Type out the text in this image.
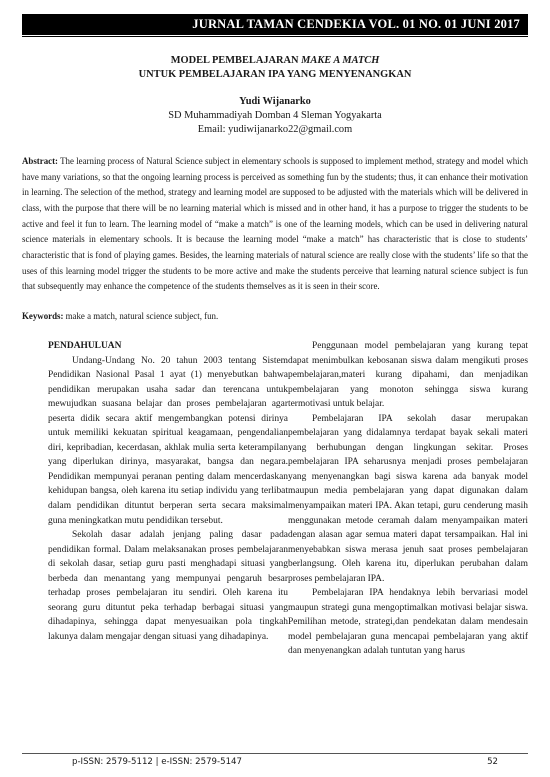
JURNAL TAMAN CENDEKIA VOL. 01 NO. 01 JUNI 2017
MODEL PEMBELAJARAN MAKE A MATCH
UNTUK PEMBELAJARAN IPA YANG MENYENANGKAN
Yudi Wijanarko
SD Muhammadiyah Domban 4 Sleman Yogyakarta
Email: yudiwijanarko22@gmail.com
Abstract: The learning process of Natural Science subject in elementary schools is supposed to implement method, strategy and model which have many variations, so that the ongoing learning process is perceived as something fun by the students; thus, it can enhance their motivation in learning. The selection of the method, strategy and learning model are supposed to be adjusted with the materials which will be delivered in class, with the purpose that there will be no learning material which is missed and in other hand, it has a purpose to trigger the students to be active and feel it fun to learn. The learning model of “make a match” is one of the learning models, which can be used in delivering natural science materials in elementary schools. It is because the learning model “make a match” has characteristic that is close to students’ characteristic that is fond of playing games. Besides, the learning materials of natural science are really close with the students’ life so that the uses of this learning model trigger the students to be more active and make the students perceive that learning natural science subject is fun that subsequently may enhance the competence of the students themselves as it is seen in their score.
Keywords: make a match, natural science subject, fun.

PENDAHULUAN

Undang-Undang No. 20 tahun 2003 tentang Sistem Pendidikan Nasional Pasal 1 ayat (1) menyebutkan bahwa pendidikan merupakan usaha sadar dan terencana untuk mewujudkan suasana belajar dan proses pembelajaran agar peserta didik secara aktif mengembangkan potensi dirinya untuk memiliki kekuatan spiritual keagamaan, pengendalian diri, kepribadian, kecerdasan, akhlak mulia serta keterampilan yang diperlukan dirinya, masyarakat, bangsa dan negara. Pendidikan mempunyai peranan penting dalam mencerdaskan kehidupan bangsa, oleh karena itu setiap individu yang terlibat dalam pendidikan dituntut berperan serta secara maksimal guna meningkatkan mutu pendidikan tersebut.

Sekolah dasar adalah jenjang paling dasar pada pendidikan formal. Dalam melaksanakan proses pembelajaran di sekolah dasar, setiap guru pasti menghadapi situasi yang berbeda dan menantang yang mempunyai pengaruh besar terhadap proses pembelajaran itu sendiri. Oleh karena itu seorang guru dituntut peka terhadap berbagai situasi yang dihadapinya, sehingga dapat menyesuaikan pola tingkah lakunya dalam mengajar dengan situasi yang dihadapinya.

Penggunaan model pembelajaran yang kurang tepat dapat menimbulkan kebosanan siswa dalam mengikuti proses pembelajaran,materi kurang dipahami, dan menjadikan pembelajaran yang monoton sehingga siswa kurang termotivasi untuk belajar.

Pembelajaran IPA sekolah dasar merupakan pembelajaran yang didalamnya terdapat bayak sekali materi yang berhubungan dengan lingkungan sekitar. Proses pembelajaran IPA seharusnya menjadi proses pembelajaran yang menyenangkan bagi siswa karena ada banyak model maupun media pembelajaran yang dapat digunakan dalam menyampaikan materi IPA. Akan tetapi, guru cenderung masih menggunakan metode ceramah dalam menyampaikan materi dengan alasan agar semua materi dapat tersampaikan. Hal ini menyebabkan siswa merasa jenuh saat proses pembelajaran berlangsung. Oleh karena itu, diperlukan perubahan dalam proses pembelajaran IPA.

Pembelajaran IPA hendaknya lebih bervariasi model maupun strategi guna mengoptimalkan motivasi belajar siswa. Pemilihan metode, strategi,dan pendekatan dalam mendesain model pembelajaran guna mencapai pembelajaran yang aktif dan menyenangkan adalah tuntutan yang harus

p-ISSN: 2579-5112 | e-ISSN: 2579-5147	52
